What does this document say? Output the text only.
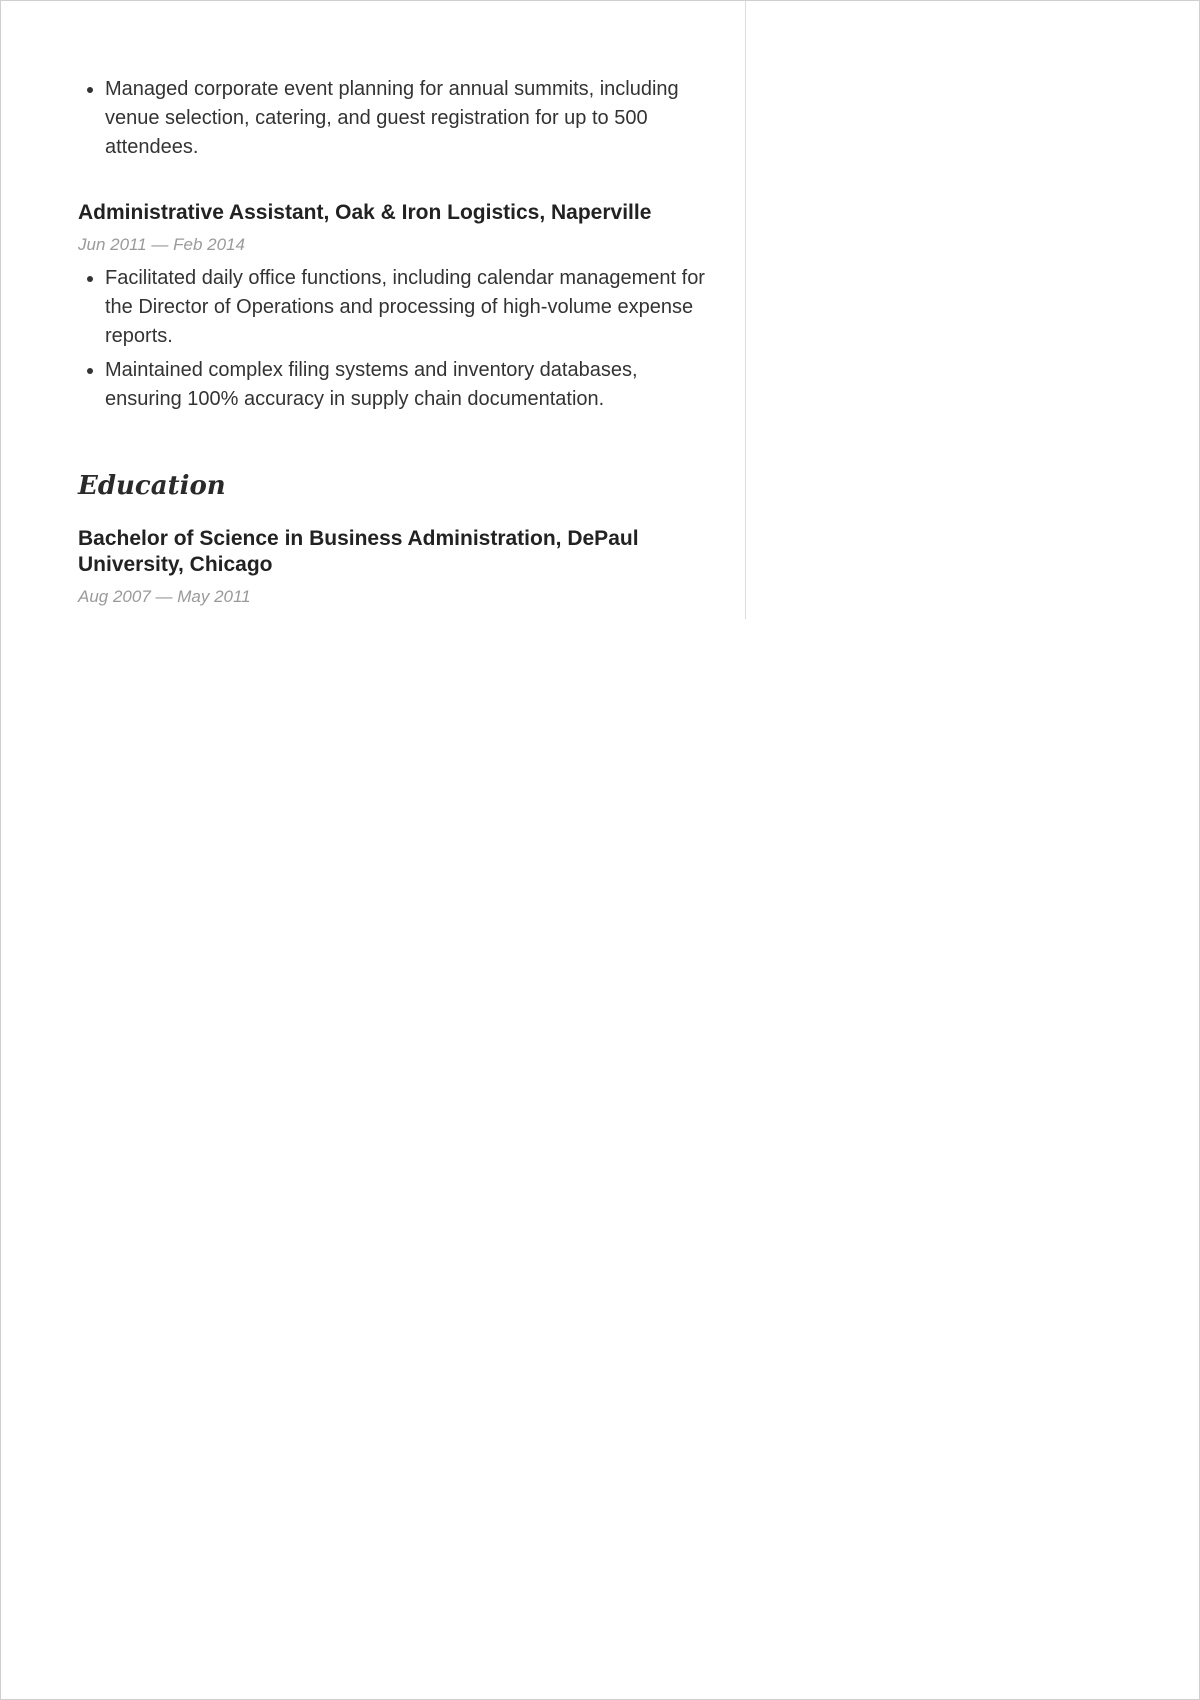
• Managed corporate event planning for annual summits, including venue selection, catering, and guest registration for up to 500 attendees.
Administrative Assistant, Oak & Iron Logistics, Naperville
Jun 2011 — Feb 2014
• Facilitated daily office functions, including calendar management for the Director of Operations and processing of high-volume expense reports.
• Maintained complex filing systems and inventory databases, ensuring 100% accuracy in supply chain documentation.
Education
Bachelor of Science in Business Administration, DePaul University, Chicago
Aug 2007 — May 2011
